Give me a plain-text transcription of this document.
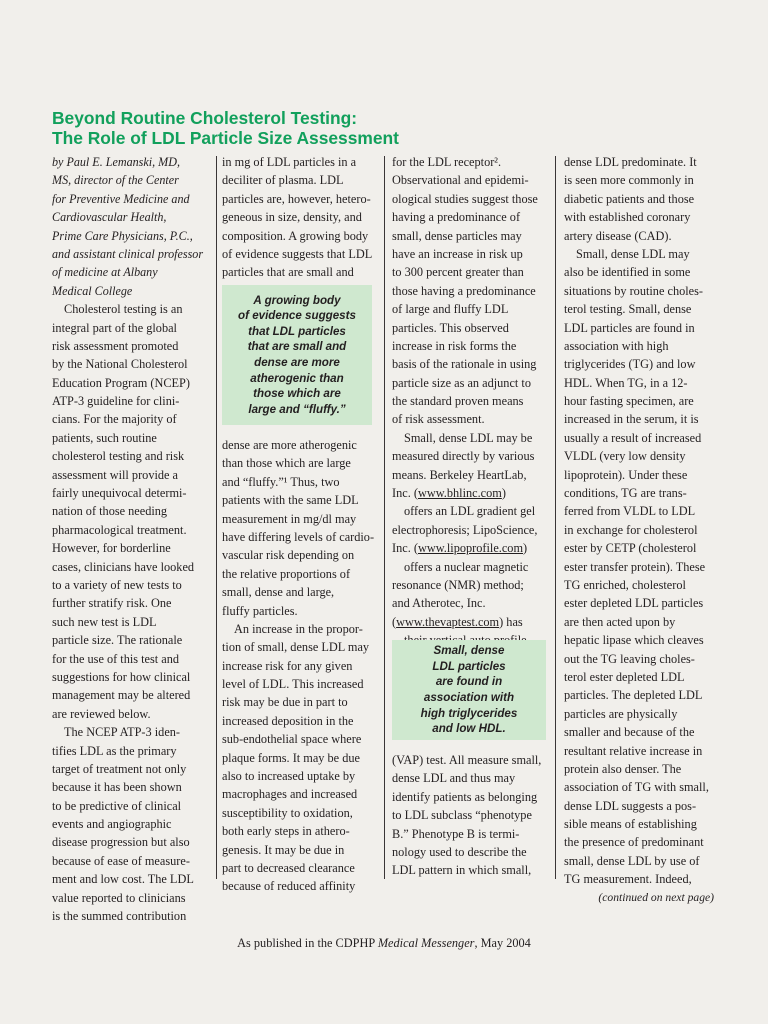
Beyond Routine Cholesterol Testing:
The Role of LDL Particle Size Assessment
by Paul E. Lemanski, MD,
MS, director of the Center
for Preventive Medicine and
Cardiovascular Health,
Prime Care Physicians, P.C.,
and assistant clinical professor
of medicine at Albany
Medical College

Cholesterol testing is an
integral part of the global
risk assessment promoted
by the National Cholesterol
Education Program (NCEP)
ATP-3 guideline for clini-
cians. For the majority of
patients, such routine
cholesterol testing and risk
assessment will provide a
fairly unequivocal determi-
nation of those needing
pharmacological treatment.
However, for borderline
cases, clinicians have looked
to a variety of new tests to
further stratify risk. One
such new test is LDL
particle size. The rationale
for the use of this test and
suggestions for how clinical
management may be altered
are reviewed below.

The NCEP ATP-3 iden-
tifies LDL as the primary
target of treatment not only
because it has been shown
to be predictive of clinical
events and angiographic
disease progression but also
because of ease of measure-
ment and low cost. The LDL
value reported to clinicians
is the summed contribution

in mg of LDL particles in a
deciliter of plasma. LDL
particles are, however, hetero-
geneous in size, density, and
composition. A growing body
of evidence suggests that LDL
particles that are small and

A growing body
of evidence suggests
that LDL particles
that are small and
dense are more
atherogenic than
those which are
large and “fluffy.”

dense are more atherogenic
than those which are large
and “fluffy.”¹ Thus, two
patients with the same LDL
measurement in mg/dl may
have differing levels of cardio-
vascular risk depending on
the relative proportions of
small, dense and large,
fluffy particles.

An increase in the propor-
tion of small, dense LDL may
increase risk for any given
level of LDL. This increased
risk may be due in part to
increased deposition in the
sub-endothelial space where
plaque forms. It may be due
also to increased uptake by
macrophages and increased
susceptibility to oxidation,
both early steps in athero-
genesis. It may be due in
part to decreased clearance
because of reduced affinity

for the LDL receptor².
Observational and epidemi-
ological studies suggest those
having a predominance of
small, dense particles may
have an increase in risk up
to 300 percent greater than
those having a predominance
of large and fluffy LDL
particles. This observed
increase in risk forms the
basis of the rationale in using
particle size as an adjunct to
the standard proven means
of risk assessment.

Small, dense LDL may be
measured directly by various
means. Berkeley HeartLab,
Inc. (www.bhlinc.com)
offers an LDL gradient gel
electrophoresis; LipoScience,
Inc. (www.lipoprofile.com)
offers a nuclear magnetic
resonance (NMR) method;
and Atherotec, Inc.
(www.thevaptest.com) has

Small, dense
LDL particles
are found in
association with
high triglycerides
and low HDL.

(VAP) test. All measure small,
dense LDL and thus may
identify patients as belonging
to LDL subclass “phenotype
B.” Phenotype B is termi-
nology used to describe the
LDL pattern in which small,

dense LDL predominate. It
is seen more commonly in
diabetic patients and those
with established coronary
artery disease (CAD).

Small, dense LDL may
also be identified in some
situations by routine choles-
terol testing. Small, dense
LDL particles are found in
association with high
triglycerides (TG) and low
HDL. When TG, in a 12-
hour fasting specimen, are
increased in the serum, it is
usually a result of increased
VLDL (very low density
lipoprotein). Under these
conditions, TG are trans-
ferred from VLDL to LDL
in exchange for cholesterol
ester by CETP (cholesterol
ester transfer protein). These
TG enriched, cholesterol
ester depleted LDL particles
are then acted upon by
hepatic lipase which cleaves
out the TG leaving choles-
terol ester depleted LDL
particles. The depleted LDL
particles are physically
smaller and because of the
resultant relative increase in
protein also denser. The
association of TG with small,
dense LDL suggests a pos-
sible means of establishing
the presence of predominant
small, dense LDL by use of
TG measurement. Indeed,

(continued on next page)
As published in the CDPHP Medical Messenger, May 2004
